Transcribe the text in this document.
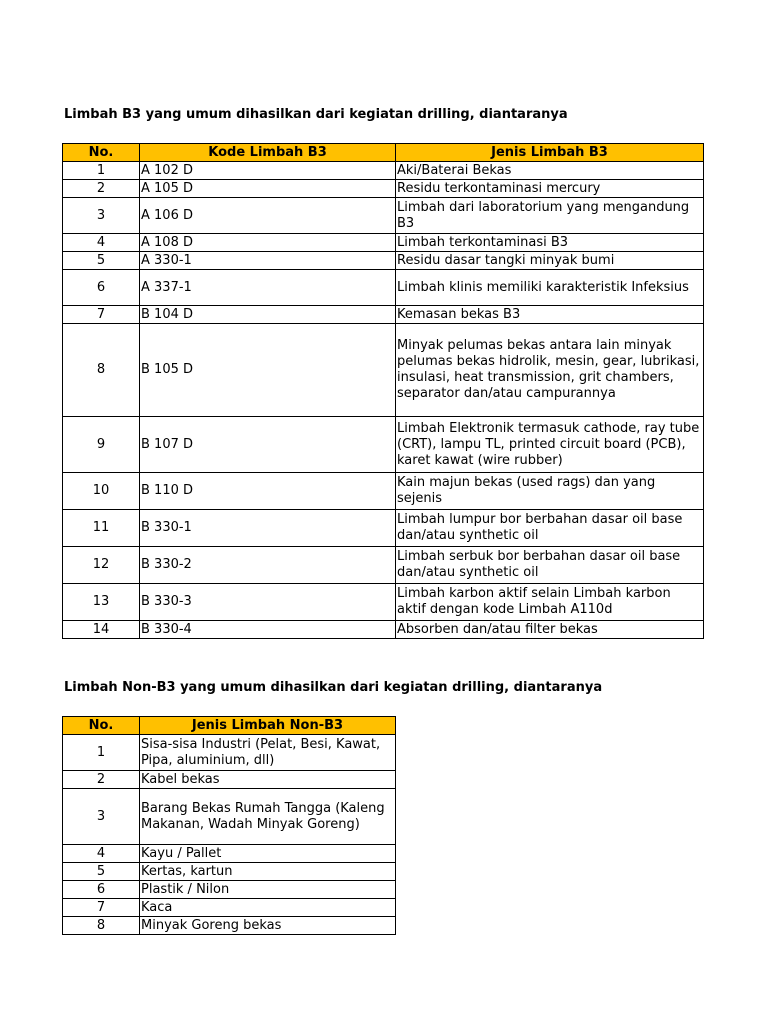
Limbah B3 yang umum dihasilkan dari kegiatan drilling, diantaranya
No.	Kode Limbah B3	Jenis Limbah B3
1	A 102 D	Aki/Baterai Bekas
2	A 105 D	Residu terkontaminasi mercury
3	A 106 D	Limbah dari laboratorium yang mengandung B3
4	A 108 D	Limbah terkontaminasi B3
5	A 330-1	Residu dasar tangki minyak bumi
6	A 337-1	Limbah klinis memiliki karakteristik Infeksius
7	B 104 D	Kemasan bekas B3
8	B 105 D	Minyak pelumas bekas antara lain minyak pelumas bekas hidrolik, mesin, gear, lubrikasi, insulasi, heat transmission, grit chambers, separator dan/atau campurannya
9	B 107 D	Limbah Elektronik termasuk cathode, ray tube (CRT), lampu TL, printed circuit board (PCB), karet kawat (wire rubber)
10	B 110 D	Kain majun bekas (used rags) dan yang sejenis
11	B 330-1	Limbah lumpur bor berbahan dasar oil base dan/atau synthetic oil
12	B 330-2	Limbah serbuk bor berbahan dasar oil base dan/atau synthetic oil
13	B 330-3	Limbah karbon aktif selain Limbah karbon aktif dengan kode Limbah A110d
14	B 330-4	Absorben dan/atau filter bekas
Limbah Non-B3 yang umum dihasilkan dari kegiatan drilling, diantaranya
No.	Jenis Limbah Non-B3
1	Sisa-sisa Industri (Pelat, Besi, Kawat, Pipa, aluminium, dll)
2	Kabel bekas
3	Barang Bekas Rumah Tangga (Kaleng Makanan, Wadah Minyak Goreng)
4	Kayu / Pallet
5	Kertas, kartun
6	Plastik / Nilon
7	Kaca
8	Minyak Goreng bekas
